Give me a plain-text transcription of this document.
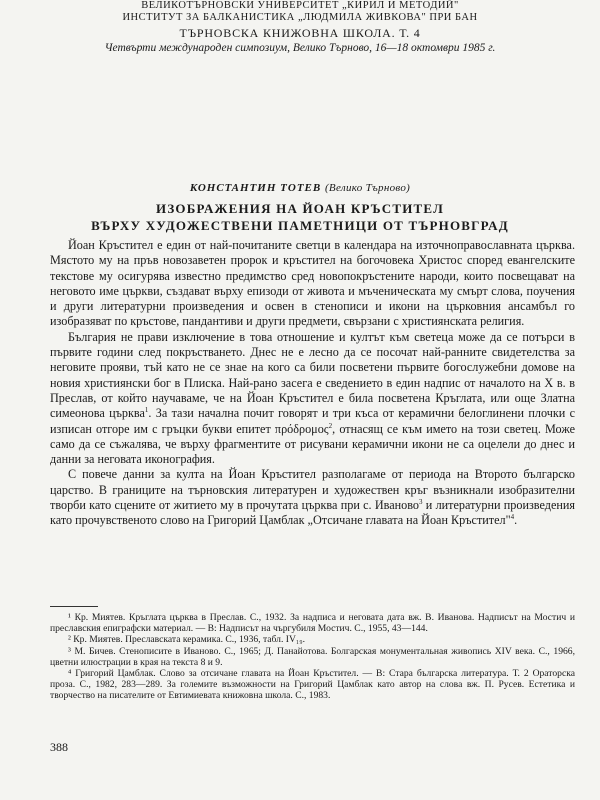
ВЕЛИКОТЪРНОВСКИ УНИВЕРСИТЕТ „КИРИЛ И МЕТОДИЙ"
ИНСТИТУТ ЗА БАЛКАНИСТИКА „ЛЮДМИЛА ЖИВКОВА" ПРИ БАН
ТЪРНОВСКА КНИЖОВНА ШКОЛА. Т. 4
Четвърти международен симпозиум, Велико Търново, 16—18 октомври 1985 г.
КОНСТАНТИН ТОТЕВ (Велико Търново)
ИЗОБРАЖЕНИЯ НА ЙОАН КРЪСТИТЕЛ
ВЪРХУ ХУДОЖЕСТВЕНИ ПАМЕТНИЦИ ОТ ТЪРНОВГРАД

Йоан Кръстител е един от най-почитаните светци в календара на източноправославната църква. Мястото му на пръв новозаветен пророк и кръстител на богочовека Христос според евангелските текстове му осигурява известно предимство сред новопокръстените народи, които посвещават на неговото име църкви, създават върху епизоди от живота и мъченическата му смърт слова, поучения и други литературни произведения и освен в стенописи и икони на църковния ансамбъл го изобразяват по кръстове, пандантиви и други предмети, свързани с християнската религия.

България не прави изключение в това отношение и култът към светеца може да се потърси в първите години след покръстването. Днес не е лесно да се посочат най-ранните свидетелства за неговите прояви, тъй като не се знае на кого са били посветени първите богослужебни домове на новия християнски бог в Плиска. Най-рано засега е сведението в един надпис от началото на X в. в Преслав, от който научаваме, че на Йоан Кръстител е била посветена Кръглата, или още Златна симеонова църква$^1$. За тази начална почит говорят и три къса от керамични белоглинени плочки с изписан отгоре им с гръцки букви епитет πρόδρομος$^2$, отнасящ се към името на този светец. Може само да се съжалява, че върху фрагментите от рисувани керамични икони не са оцелели до днес и данни за неговата иконография.

С повече данни за култа на Йоан Кръстител разполагаме от периода на Второто българско царство. В границите на търновския литературен и художествен кръг възникнали изобразителни творби като сцените от житието му в прочутата църква при с. Иваново$^3$ и литературни произведения като прочувственото слово на Григорий Цамблак „Отсичане главата на Йоан Кръстител"$^4$.

¹ Кр. Миятев. Кръглата църква в Преслав. С., 1932. За надписа и неговата дата вж. В. Иванова. Надписът на Мостич и преславския епиграфски материал. — В: Надписът на чъргубиля Мостич. С., 1955, 43—144.

² Кр. Миятев. Преславската керамика. С., 1936, табл. IV₁₉.

³ М. Бичев. Стенописите в Иваново. С., 1965; Д. Панайотова. Болгарская монументальная живопись XIV века. С., 1966, цветни илюстрации в края на текста 8 и 9.

⁴ Григорий Цамблак. Слово за отсичане главата на Йоан Кръстител. — В: Стара българска литература. Т. 2 Ораторска проза. С., 1982, 283—289. За големите възможности на Григорий Цамблак като автор на слова вж. П. Русев. Естетика и творчество на писателите от Евтимиевата книжовна школа. С., 1983.

388
